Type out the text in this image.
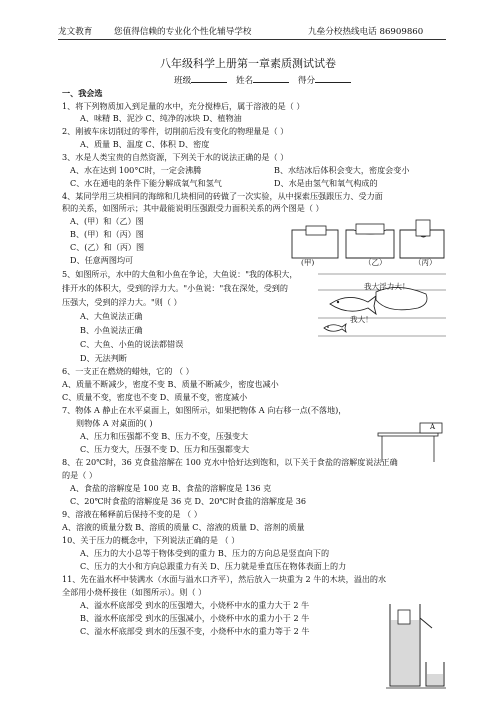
龙文教育	您值得信赖的专业化个性化辅导学校	九垒分校热线电话 86909860
八年级科学上册第一章素质测试试卷
班级	姓名	得分
一、我会选
1、将下列物质加入到足量的水中，充分搅棒后，属于溶液的是（ ）
A、味精 B、泥沙 C、纯净的冰块 D、植物油
2、刚被车床切削过的零件，切削前后没有变化的物理量是（ ）
A、质量 B、温度 C、体积 D、密度
3、水是人类宝贵的自然资源，下列关于水的说法正确的是（ ）
A、水在达到 100°C时，一定会沸腾	B、水结冰后体积会变大，密度会变小
C、水在通电的条件下能分解成氧气和氢气	D、水是由氢气和氧气构成的
4、某同学用三块相同的海绵和几块相同的砖做了一次实验，从中探索压强跟压力、受力面
积的关系，如图所示；其中最能说明压强跟受力面积关系的两个图是（ ）
A、(甲）和（乙）图
B、(甲）和（丙）图
C、(乙）和（丙）图
D、任意两图均可
5、如图所示，水中的大鱼和小鱼在争论，大鱼说："我的体积大，
排开水的体积大，受到的浮力大。"小鱼说："我在深处，受到的
压强大，受到的浮力大。"则（ ）
A、大鱼说法正确
B、小鱼说法正确
C、大鱼、小鱼的说法都错误
D、无法判断
6、一支正在燃烧的蜡烛，它的 （ ）
A、质量不断减少，密度不变 B、质量不断减少，密度也减小
C、质量不变，密度也不变 D、质量不变，密度减小
7、物体 A 静止在水平桌面上，如图所示，如果把物体 A 向右移一点(不落地)，
则物体 A 对桌面的( )
A、压力和压强都不变 B、压力不变，压强变大
C、压力变大，压强不变 D、压力和压强都变大
8、在 20℃时，36 克食盐溶解在 100 克水中恰好达到饱和，以下关于食盐的溶解度说法正确
的是（ ）
A、食盐的溶解度是 100 克 B、食盐的溶解度是 136 克
C、20℃时食盐的溶解度是 36 克 D、20℃时食盐的溶解度是 36
9、溶液在稀释前后保持不变的是 （ ）
A、溶液的质量分数 B、溶质的质量 C、溶液的质量 D、溶剂的质量
10、关于压力的概念中，下列说法正确的是 （ ）
A、压力的大小总等于物体受到的重力 B、压力的方向总是竖直向下的
C、压力的大小和方向总跟重力有关 D、压力就是垂直压在物体表面上的力
11、先在溢水杯中装满水（水面与溢水口齐平），然后放入一块重为 2 牛的木块，溢出的水
全部用小烧杯接住（如图所示）。则（ ）
A、溢水杯底部受 到水的压强增大，小烧杯中水的重力大于 2 牛
B、溢水杯底部受 到水的压强减小，小烧杯中水的重力小于 2 牛
C、溢水杯底部受 到水的压强不变，小烧杯中水的重力等于 2 牛
(甲)	（乙）	（丙）
我大浮力大！
我大！
A
